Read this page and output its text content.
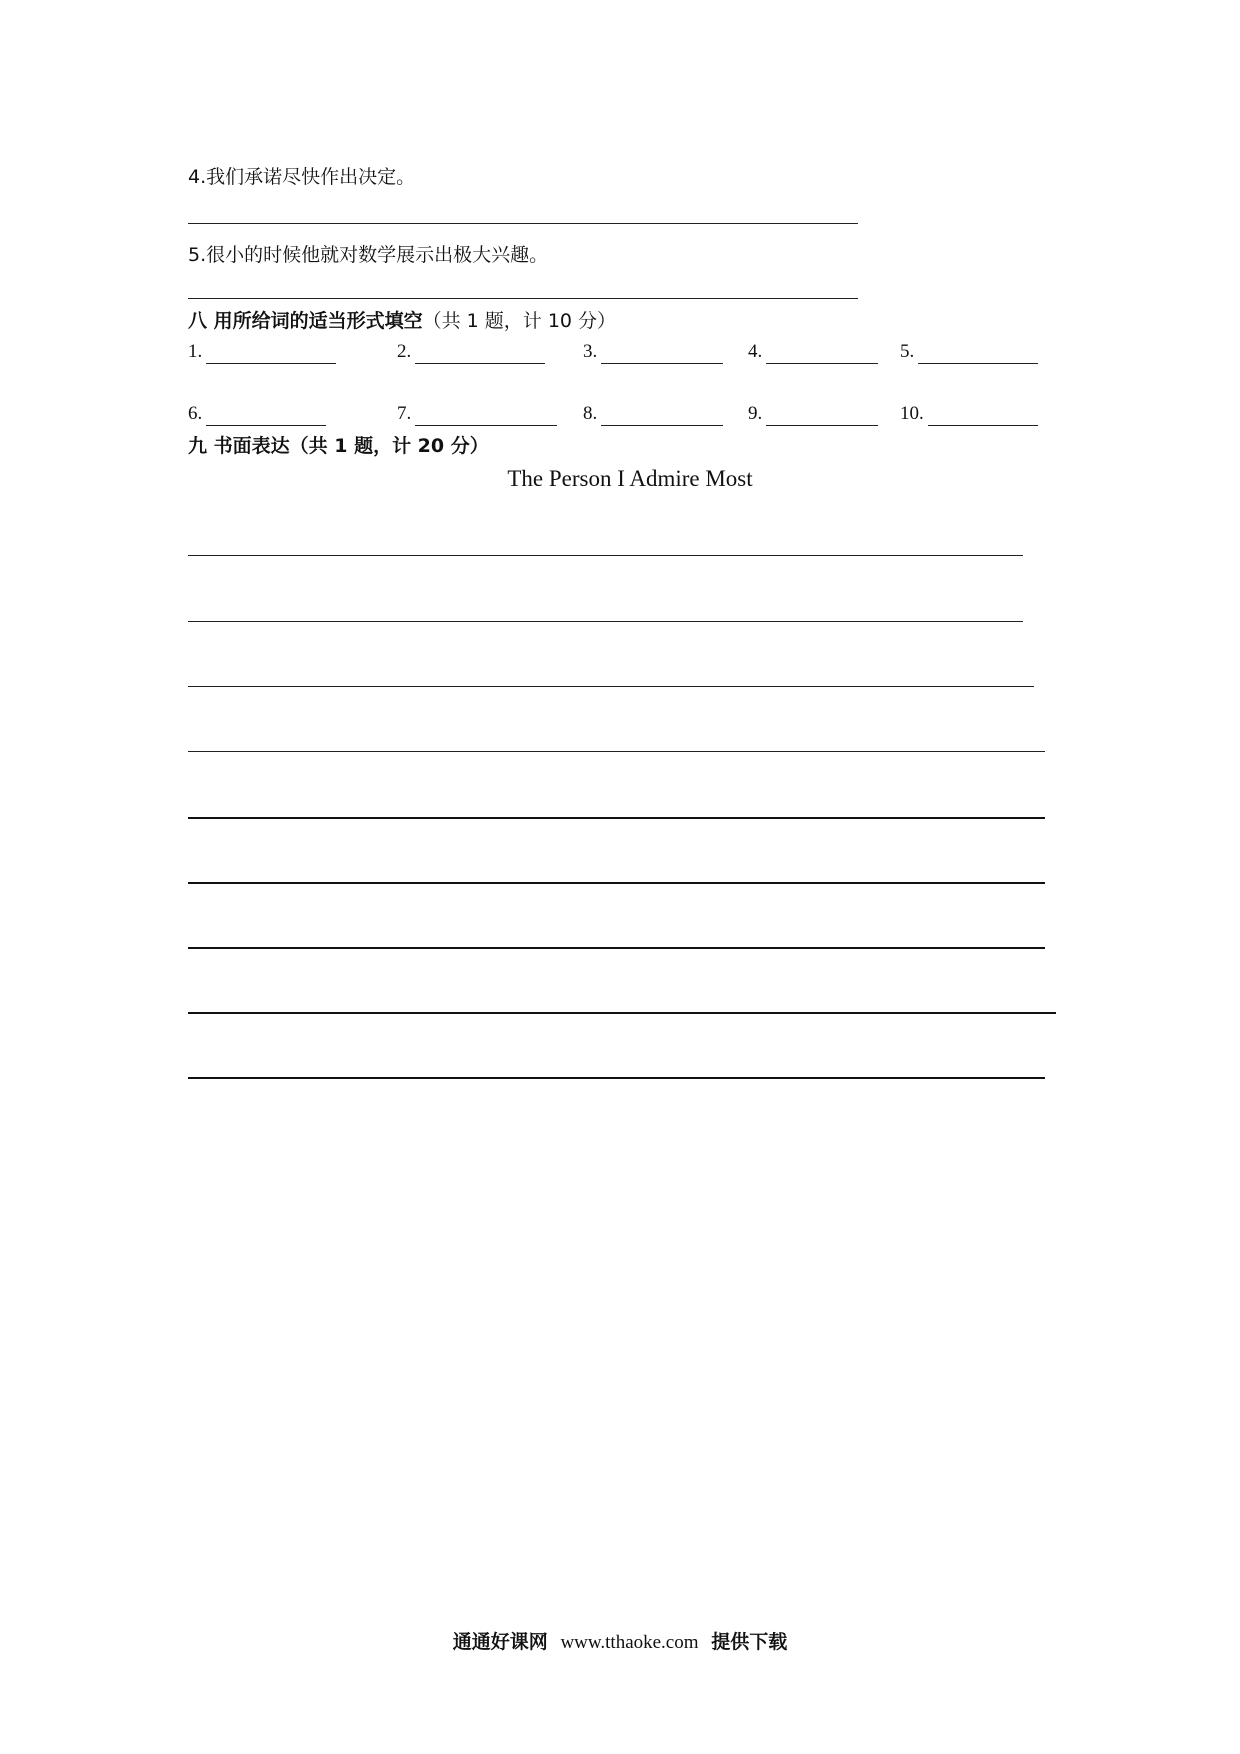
4.我们承诺尽快作出决定。
5.很小的时候他就对数学展示出极大兴趣。
八 用所给词的适当形式填空（共 1 题，计 10 分）
1.	2.	3.	4.	5.
6.	7.	8.	9.	10.
九 书面表达（共 1 题，计 20 分）
The Person I Admire Most
通通好课网 www.tthaoke.com 提供下载
